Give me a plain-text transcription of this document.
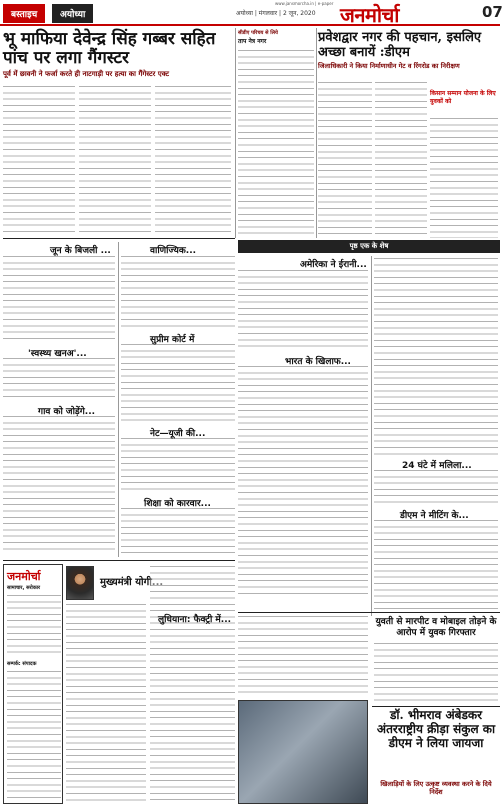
बस्ताइच	अयोध्या	अयोध्या | मंगलवार | 2 जून, 2020
www.jansmorcha.in | e-paper जनमोर्चा	07
भू माफिया देवेन्द्र सिंह गब्बर सहित पांच पर लगा गैंगस्टर
पूर्व में छावनी ने फर्जा करते ही नाटगाड़ी पर हत्या का गैंगेस्टर एक्ट
सीडीए परिचय से लिये
ताप नेत्र नगर	प्रवेशद्वार नगर की पहचान, इसलिए अच्छा बनायें :डीएम
जिलाधिकारी ने किया निर्माणाधीन गेट व रिंगरोड का निरीक्षण
किसान सम्मान योजना के लिए युवकों को
जून के बिजली ...
'स्वस्थ्य खनअ'...
गाव को जोड़ेंगे...
वाणिज्यिक...
सुप्रीम कोर्ट में
नेट—यूजी की...
शिक्षा को कारवार...
पृष्ठ एक के शेष
अमेरिका ने ईरानी...
भारत के खिलाफ...
24 घंटे में मलिला...
डीएम ने मीटिंग के...
जनमोर्चा
सामाचार, सरोकार
सम्पर्क: संपादक
मुख्यमंत्री योगी...
लुधियाना: फैक्ट्री में...	युवती से मारपीट व मोबाइल तोड़ने के आरोप में युवक गिरफ्तार
डॉ. भीमराव अंबेडकर अंतरराष्ट्रीय क्रीड़ा संकुल का डीएम ने लिया जायजा
खिलाड़ियों के लिए उत्कृष्ट व्यवस्था करने के दिये निर्देश
